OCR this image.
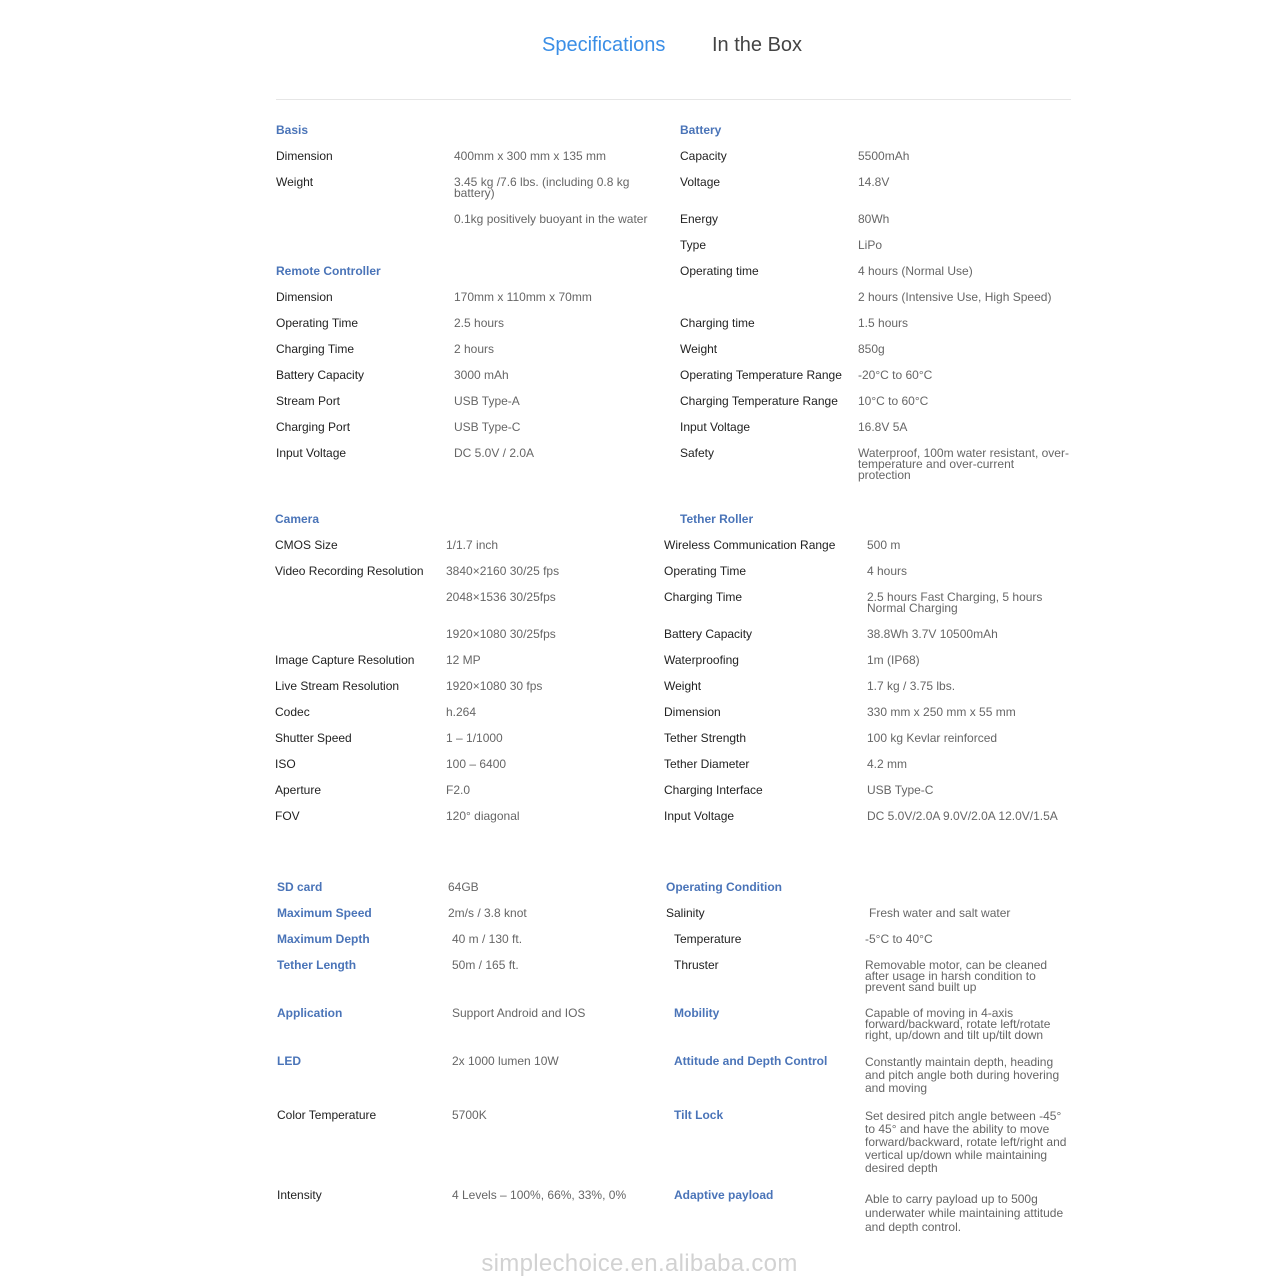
Specifications In the Box
Basis
Dimension	400mm x 300 mm x 135 mm
Weight	3.45 kg /7.6 lbs. (including 0.8 kg battery)
0.1kg positively buoyant in the water
Remote Controller
Dimension	170mm x 110mm x 70mm
Operating Time	2.5 hours
Charging Time	2 hours
Battery Capacity	3000 mAh
Stream Port	USB Type-A
Charging Port	USB Type-C
Input Voltage	DC 5.0V / 2.0A
Battery
Capacity	5500mAh
Voltage	14.8V
Energy	80Wh
Type	LiPo
Operating time	4 hours (Normal Use)
2 hours (Intensive Use, High Speed)
Charging time	1.5 hours
Weight	850g
Operating Temperature Range -20°C to 60°C
Charging Temperature Range 10°C to 60°C
Input Voltage	16.8V 5A
Safety	Waterproof, 100m water resistant, over-temperature and over-current protection
Camera
CMOS Size	1/1.7 inch
Video Recording Resolution 3840×2160 30/25 fps
2048×1536 30/25fps
1920×1080 30/25fps
Image Capture Resolution	12 MP
Live Stream Resolution	1920×1080 30 fps
Codec	h.264
Shutter Speed	1 – 1/1000
ISO	100 – 6400
Aperture	F2.0
FOV	120° diagonal
Tether Roller
Wireless Communication Range	500 m
Operating Time	4 hours
Charging Time	2.5 hours Fast Charging, 5 hours Normal Charging
Battery Capacity	38.8Wh 3.7V 10500mAh
Waterproofing	1m (IP68)
Weight	1.7 kg / 3.75 lbs.
Dimension	330 mm x 250 mm x 55 mm
Tether Strength	100 kg Kevlar reinforced
Tether Diameter	4.2 mm
Charging Interface	USB Type-C
Input Voltage	DC 5.0V/2.0A 9.0V/2.0A 12.0V/1.5A
SD card	64GB
Maximum Speed	2m/s / 3.8 knot
Maximum Depth	40 m / 130 ft.
Tether Length	50m / 165 ft.
Application	Support Android and IOS
LED	2x 1000 lumen 10W
Color Temperature	5700K
Intensity	4 Levels – 100%, 66%, 33%, 0%
Operating Condition
Salinity	Fresh water and salt water
Temperature	-5°C to 40°C
Thruster	Removable motor, can be cleaned after usage in harsh condition to prevent sand built up
Mobility	Capable of moving in 4-axis forward/backward, rotate left/rotate right, up/down and tilt up/tilt down
Attitude and Depth Control	Constantly maintain depth, heading and pitch angle both during hovering and moving
Tilt Lock	Set desired pitch angle between -45° to 45° and have the ability to move forward/backward, rotate left/right and vertical up/down while maintaining desired depth
Adaptive payload	Able to carry payload up to 500g underwater while maintaining attitude and depth control.
simplechoice.en.alibaba.com
